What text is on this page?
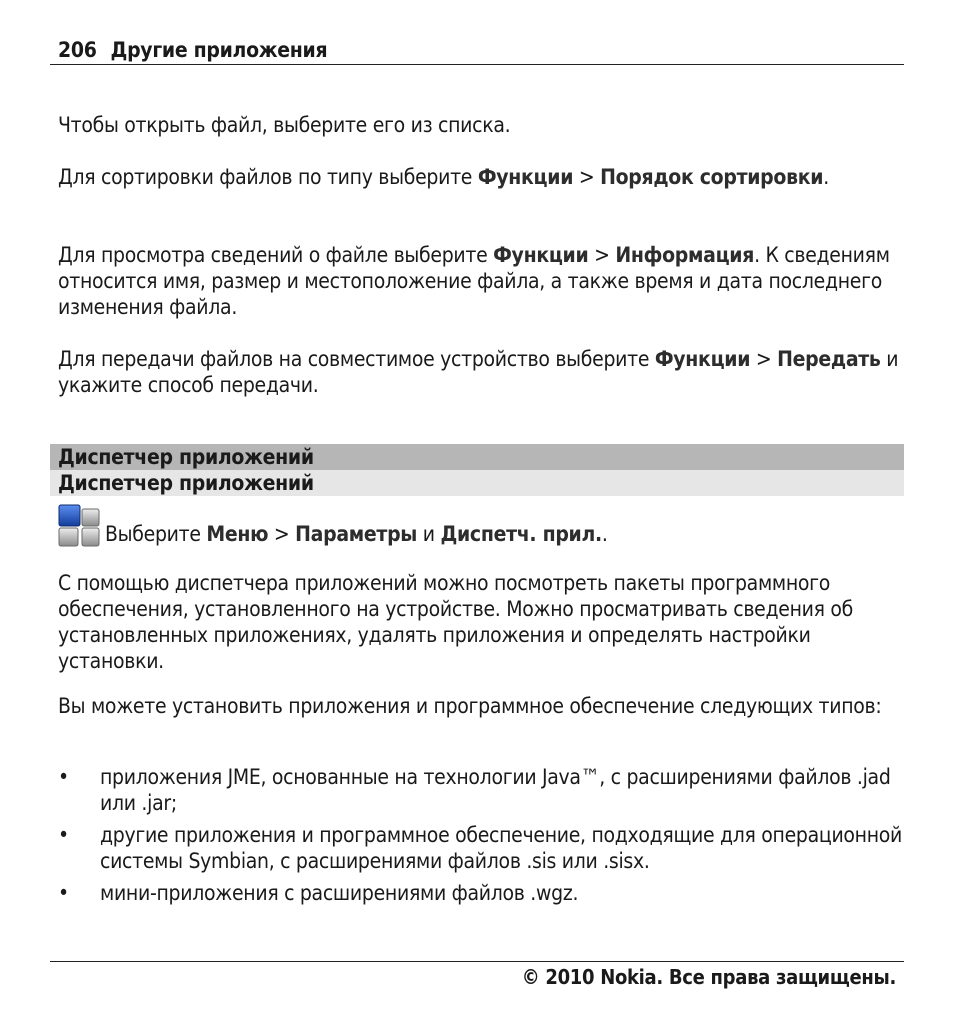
206 Другие приложения
Чтобы открыть файл, выберите его из списка.
Для сортировки файлов по типу выберите Функции > Порядок сортировки.
Для просмотра сведений о файле выберите Функции > Информация. К сведениям относится имя, размер и местоположение файла, а также время и дата последнего изменения файла.
Для передачи файлов на совместимое устройство выберите Функции > Передать и укажите способ передачи.
Диспетчер приложений
Диспетчер приложений
Выберите Меню > Параметры и Диспетч. прил..
С помощью диспетчера приложений можно посмотреть пакеты программного обеспечения, установленного на устройстве. Можно просматривать сведения об установленных приложениях, удалять приложения и определять настройки установки.
Вы можете установить приложения и программное обеспечение следующих типов:
• приложения JME, основанные на технологии Java™, с расширениями файлов .jad или .jar;
• другие приложения и программное обеспечение, подходящие для операционной системы Symbian, с расширениями файлов .sis или .sisx.
• мини-приложения с расширениями файлов .wgz.
© 2010 Nokia. Все права защищены.
